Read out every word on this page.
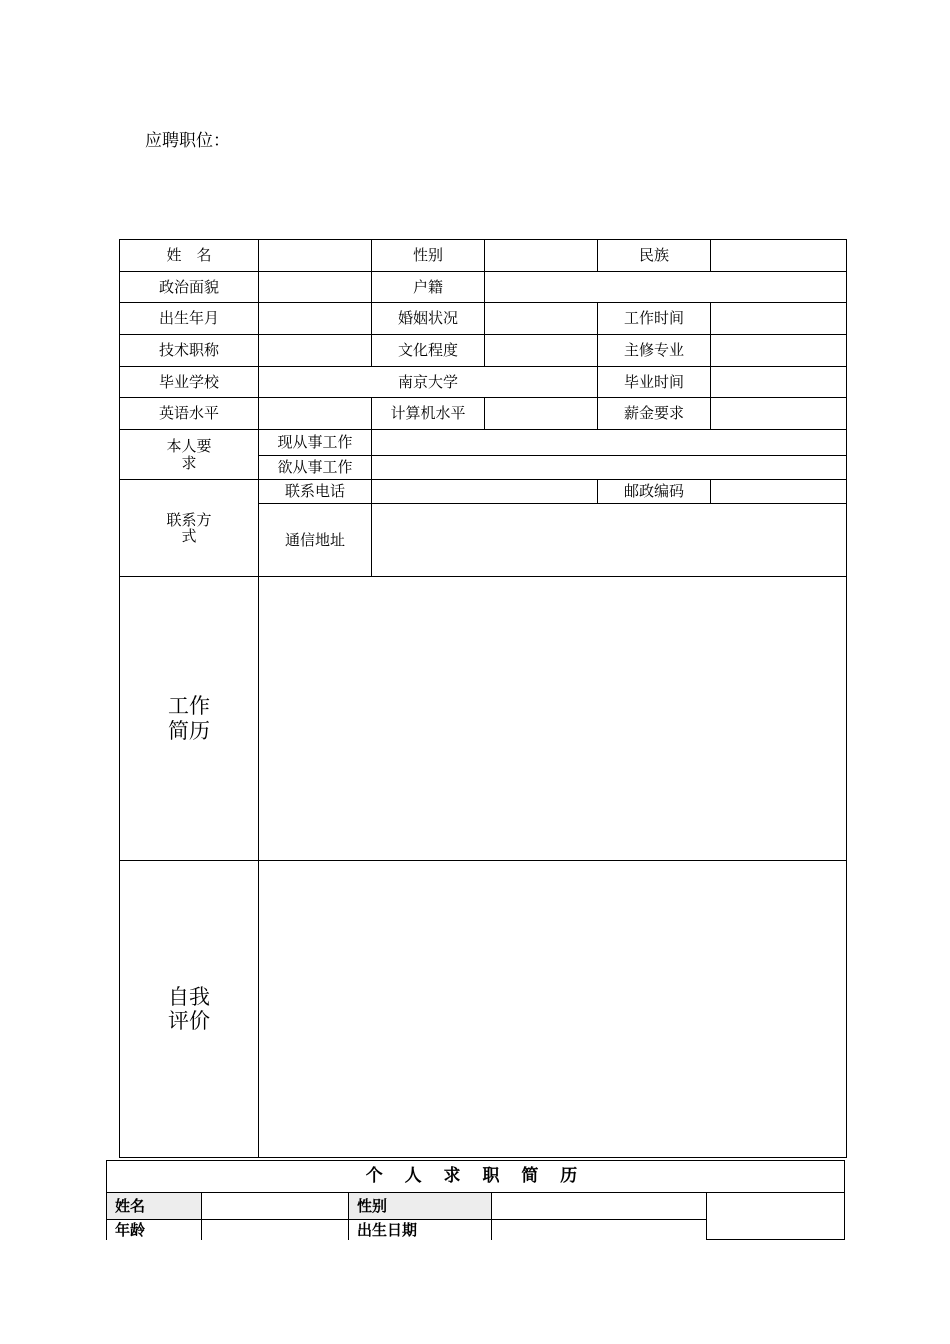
应聘职位：

姓　名		性别		民族	
政治面貌		户籍			
出生年月		婚姻状况		工作时间	
技术职称		文化程度		主修专业	
毕业学校	南京大学			毕业时间	
英语水平		计算机水平		薪金要求	
本人要求	现从事工作				
	欲从事工作				
联系方式	联系电话			邮政编码	
	通信地址				
工作简历					
自我评价					
个 人 求 职 简 历				
姓名		性别		
年龄		出生日期		
